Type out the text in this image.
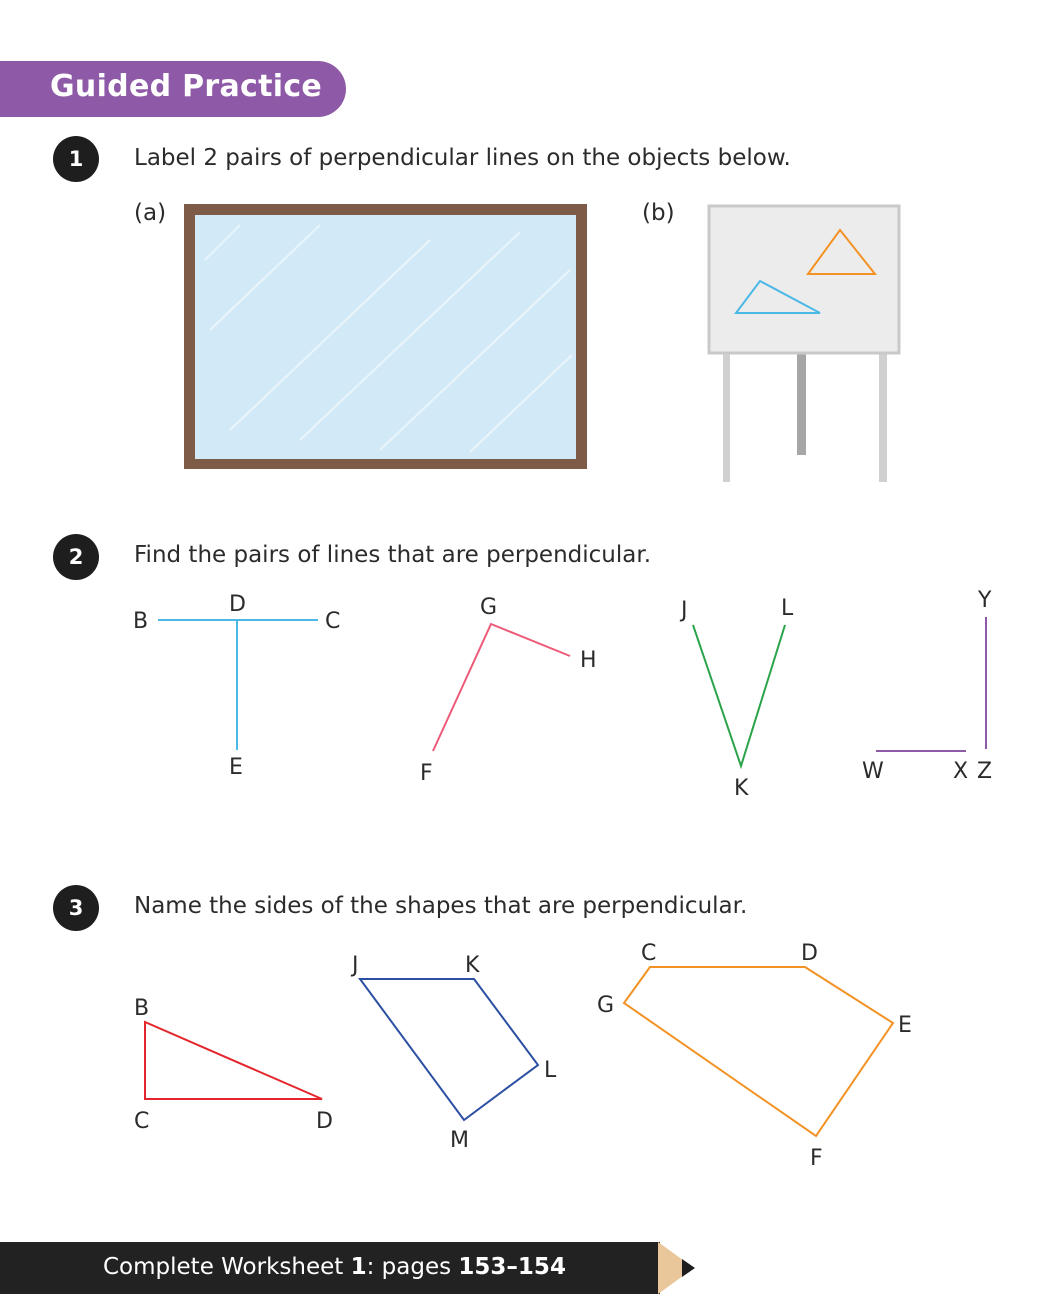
Guided Practice
1	Label 2 pairs of perpendicular lines on the objects below.
(a)	(b)
2	Find the pairs of lines that are perpendicular.
3	Name the sides of the shapes that are perpendicular.
B
D
C
E
G
H
F
J	L
K
Y
W	X Z
B
C	D
J	K
L
M
C	D
E
F
G
Complete Worksheet 1: pages 153–154
